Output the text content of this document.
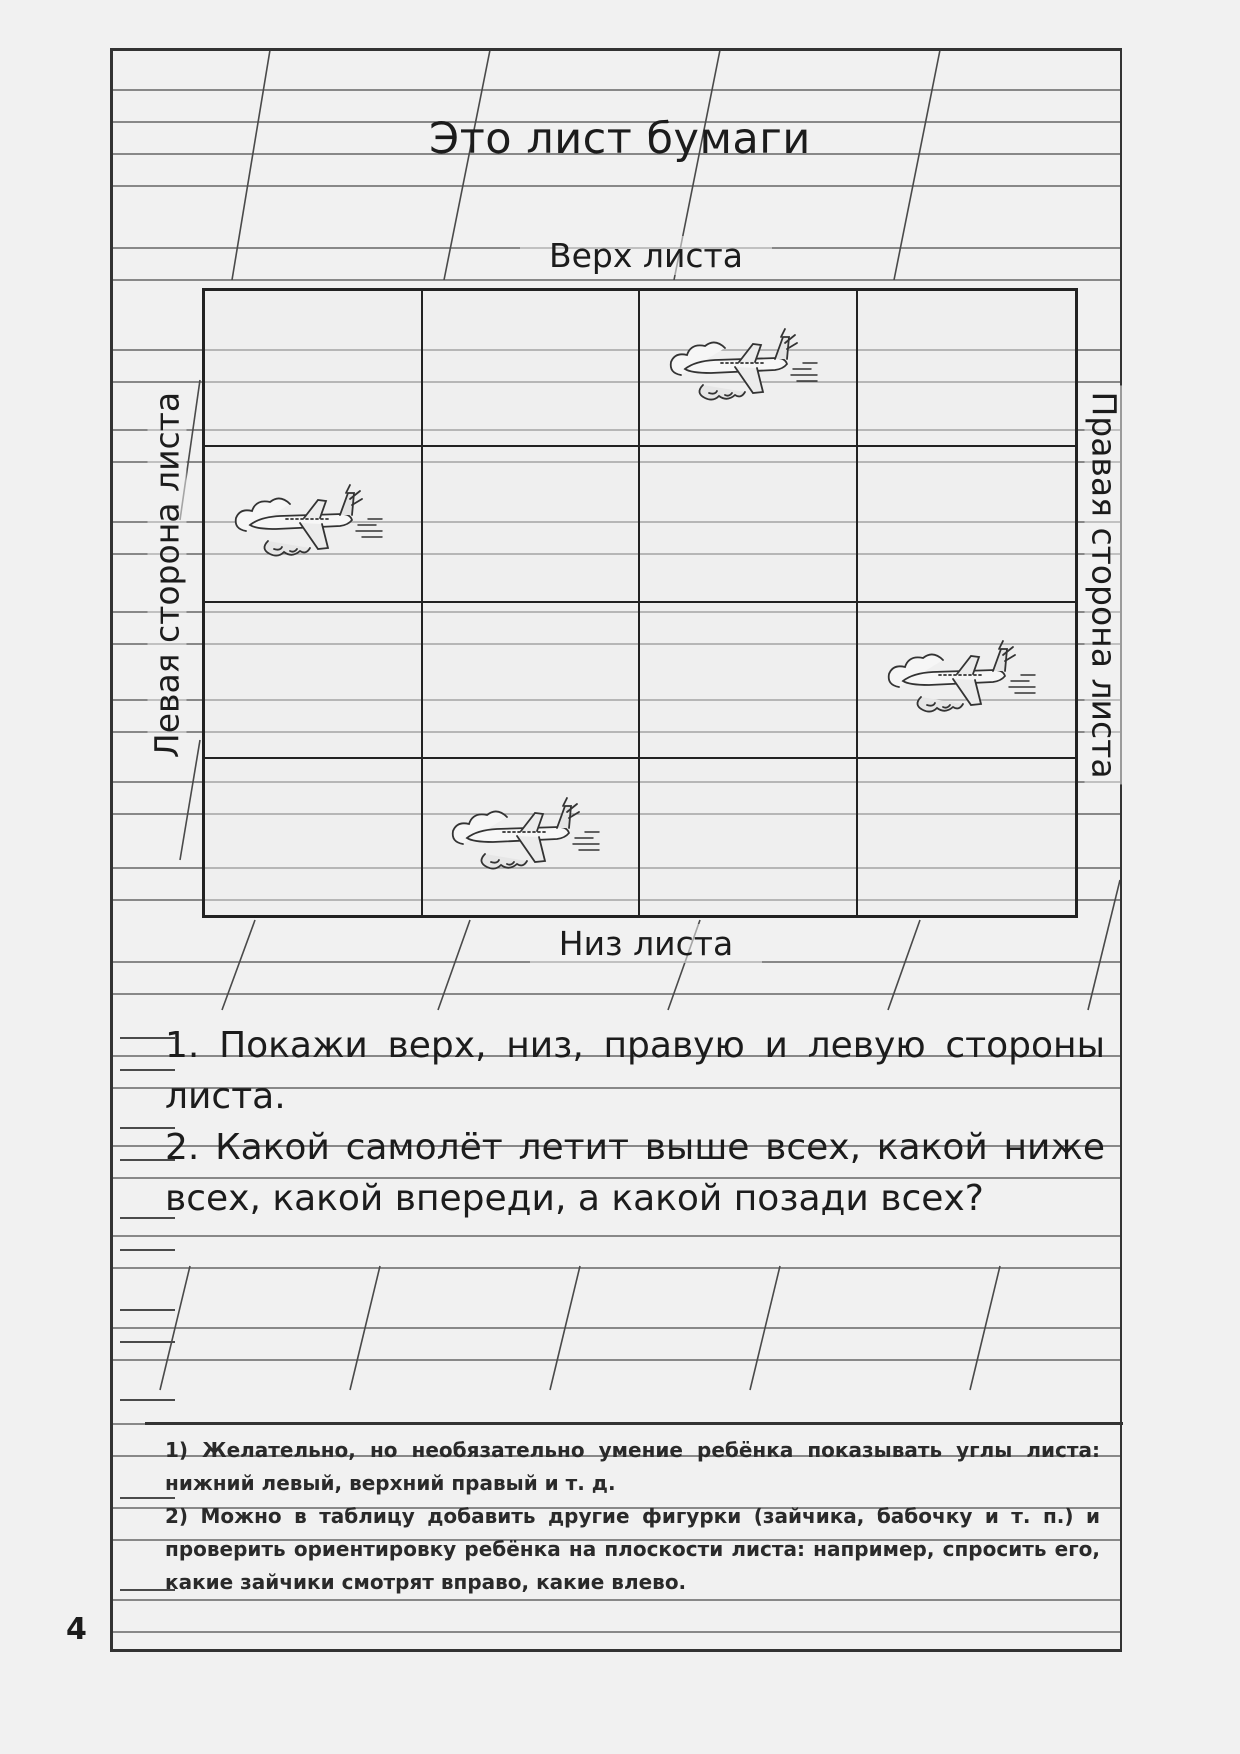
Это лист бумаги
Верх листа
Левая сторона листа	Правая сторона листа
Низ листа

1. Покажи верх, низ, правую и левую стороны листа.

2. Какой самолёт летит выше всех, какой ниже всех, какой впереди, а какой позади всех?

1) Желательно, но необязательно умение ребёнка показывать углы листа: нижний левый, верхний правый и т. д.

2) Можно в таблицу добавить другие фигурки (зайчика, бабочку и т. п.) и проверить ориентировку ребёнка на плоскости листа: например, спросить его, какие зайчики смотрят вправо, какие влево.

4
